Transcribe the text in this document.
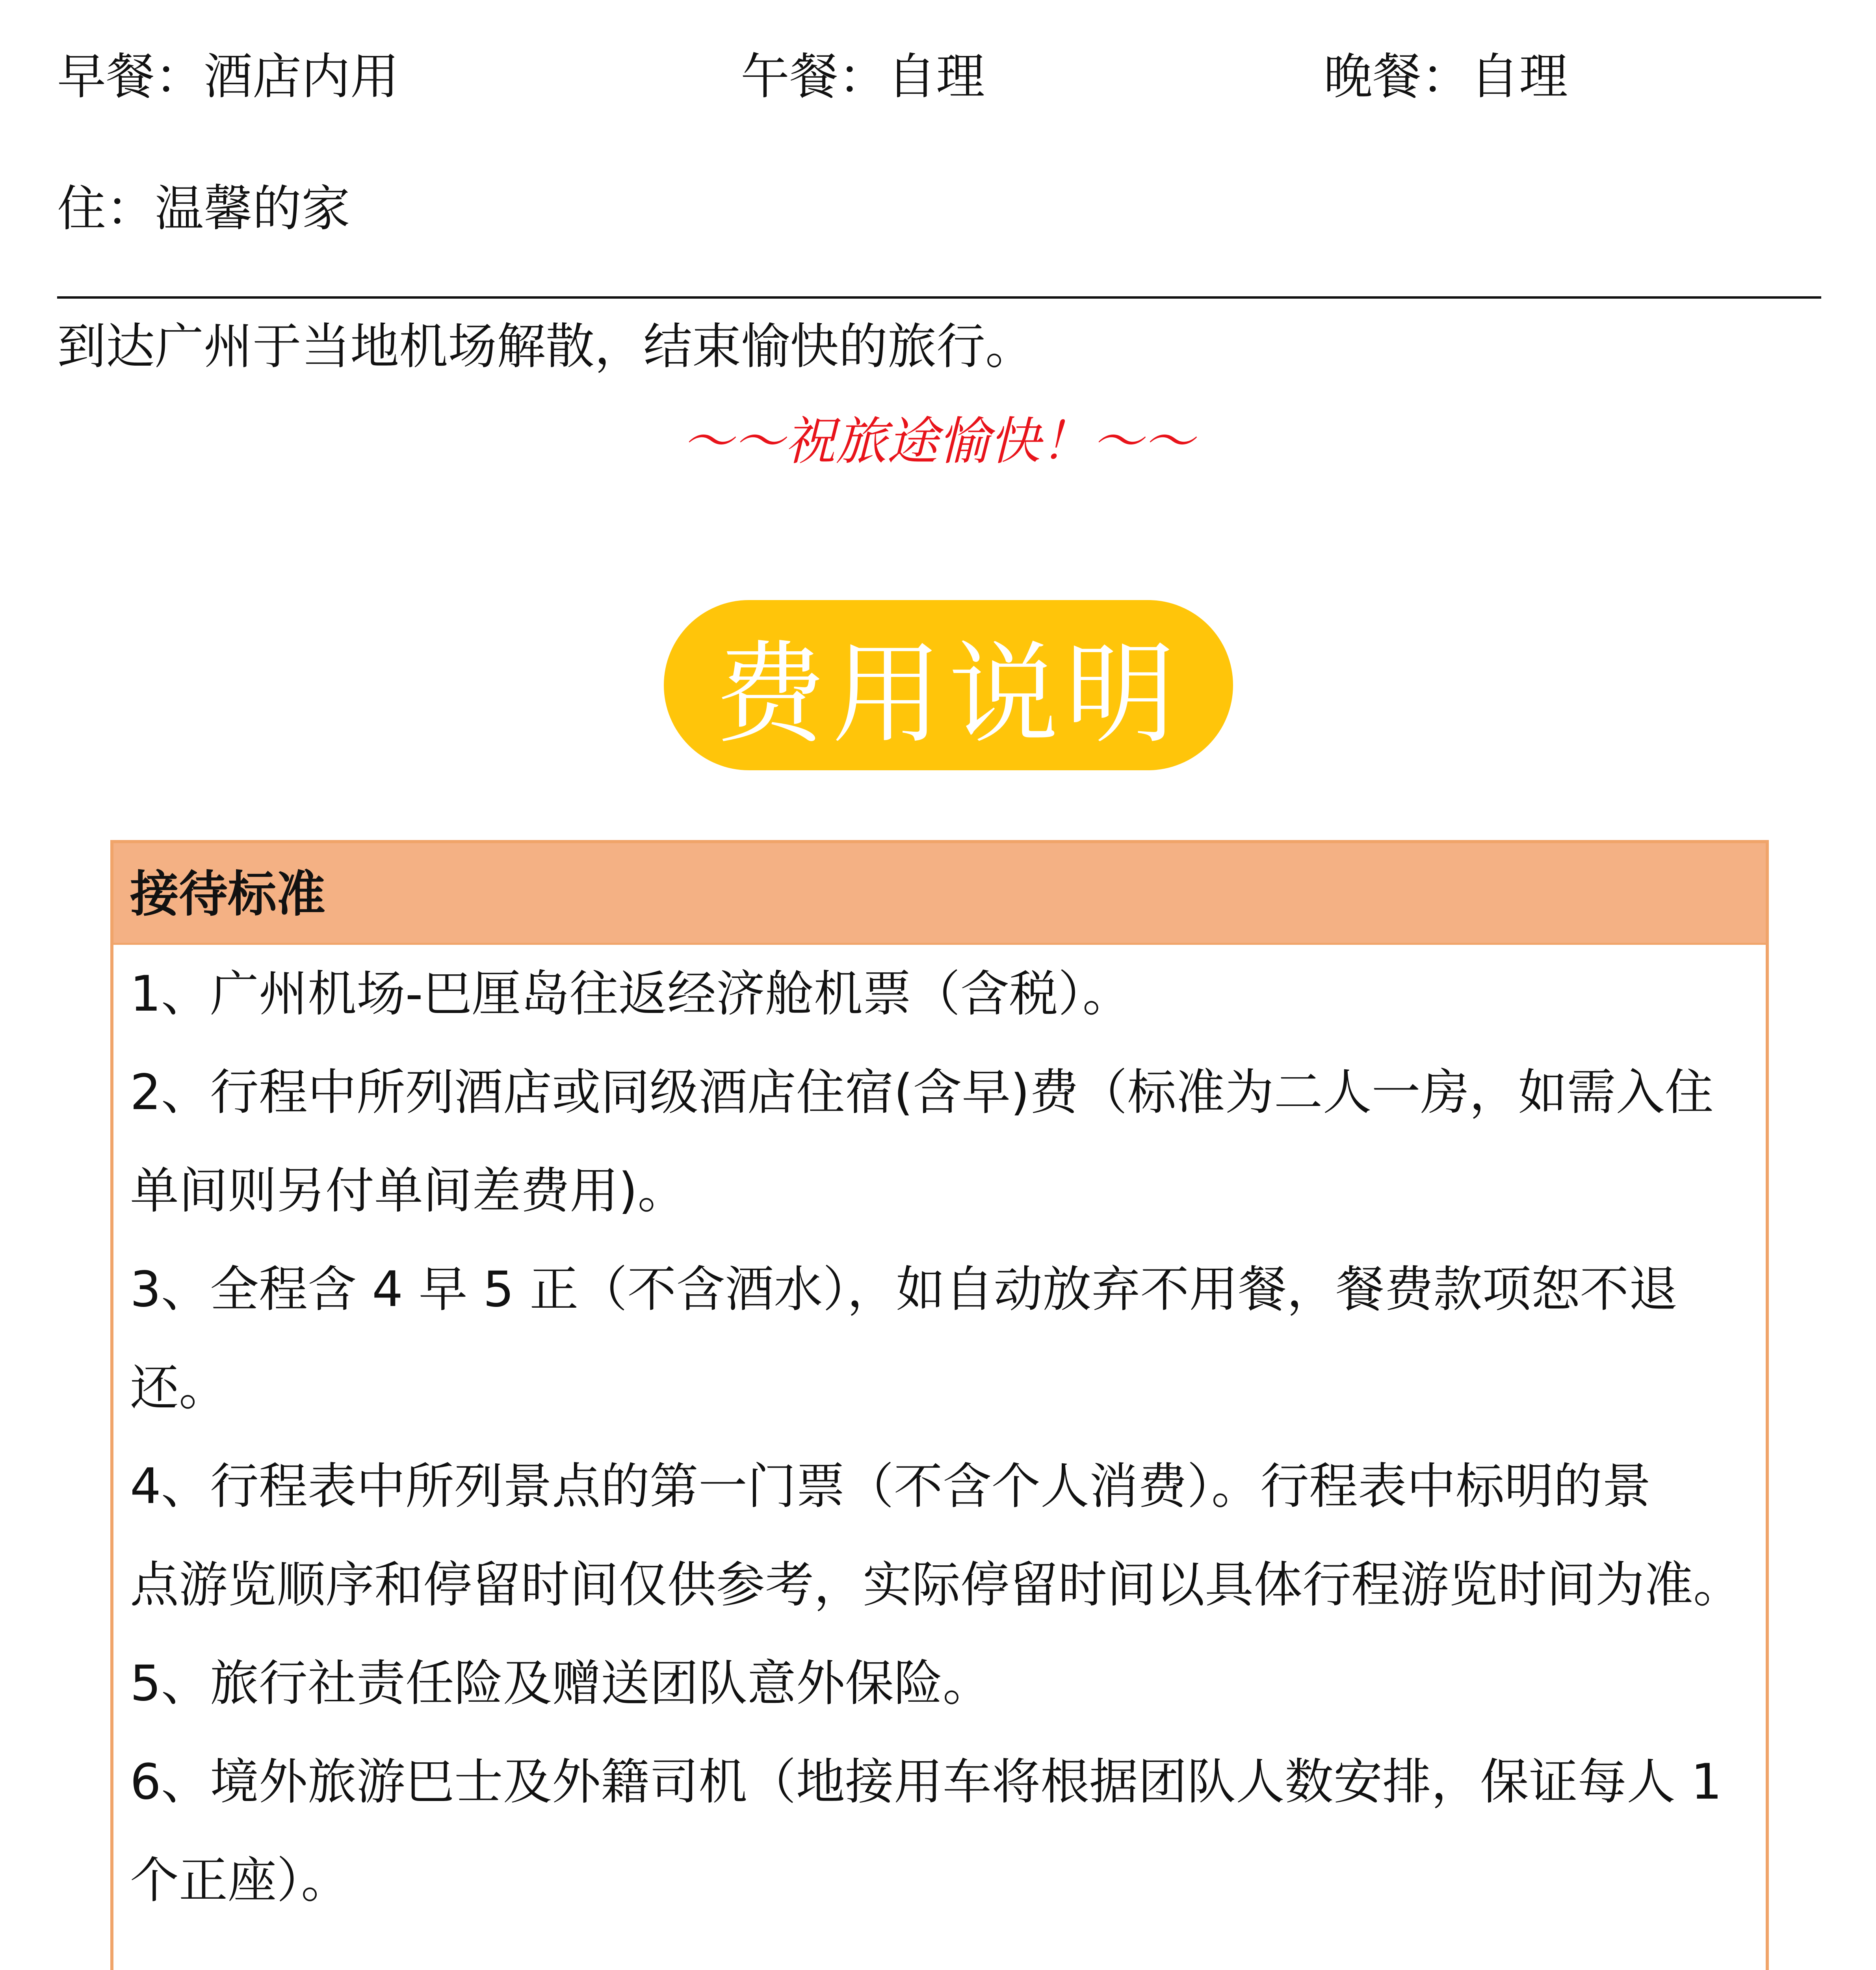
早餐：酒店内用	午餐：自理	晚餐：自理
住：温馨的家
到达广州于当地机场解散，结束愉快的旅行。
～～祝旅途愉快！～～
费用说明
接待标准
1、广州机场-巴厘岛往返经济舱机票（含税）。
2、行程中所列酒店或同级酒店住宿(含早)费（标准为二人一房，如需入住
单间则另付单间差费用)。
3、全程含 4 早 5 正（不含酒水），如自动放弃不用餐，餐费款项恕不退
还。
4、行程表中所列景点的第一门票（不含个人消费）。行程表中标明的景
点游览顺序和停留时间仅供参考，实际停留时间以具体行程游览时间为准。
5、旅行社责任险及赠送团队意外保险。
6、境外旅游巴士及外籍司机（地接用车将根据团队人数安排，保证每人 1
个正座）。
